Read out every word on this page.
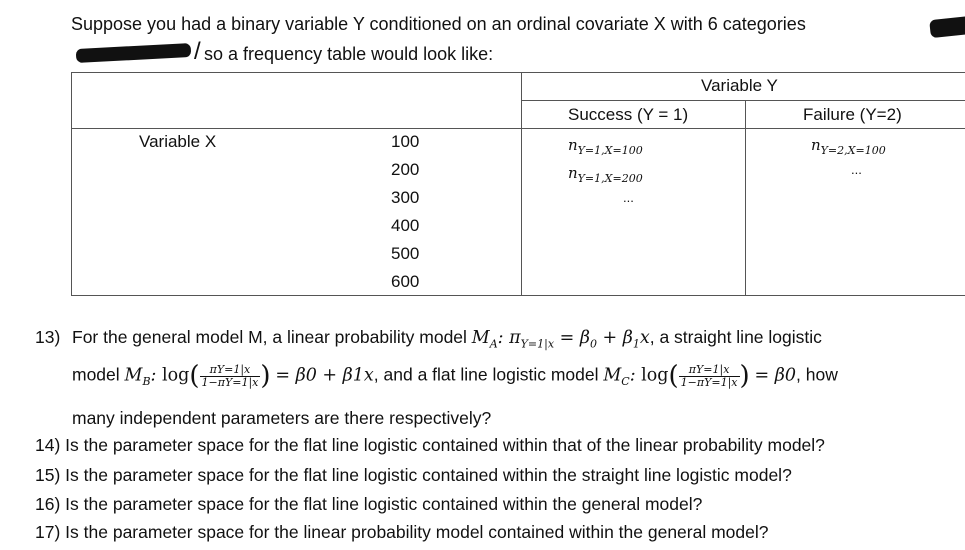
Suppose you had a binary variable Y conditioned on an ordinal covariate X with 6 categories
/ so a frequency table would look like:
Variable Y
Success (Y = 1)	Failure (Y=2)
Variable X	100
200
300
400
500
600
$n_{Y=1,X=100}$
$n_{Y=1,X=200}$
...
$n_{Y=2,X=100}$
...
13) For the general model M, a linear probability model $M_A$: $\pi_{Y=1|x} = \beta_0 + \beta_1x$, a straight line logistic
model $M_B$: $\log( \frac{\pi Y=1|x}{1-\pi Y=1|x}$ ) = β0 + β1x, and a flat line logistic model $M_C$: $\log( \frac{\pi Y=1|x}{1-\pi Y=1|x}$ ) = β0, how
many independent parameters are there respectively?
14) Is the parameter space for the flat line logistic contained within that of the linear probability model?
15) Is the parameter space for the flat line logistic contained within the straight line logistic model?
16) Is the parameter space for the flat line logistic contained within the general model?
17) Is the parameter space for the linear probability model contained within the general model?
